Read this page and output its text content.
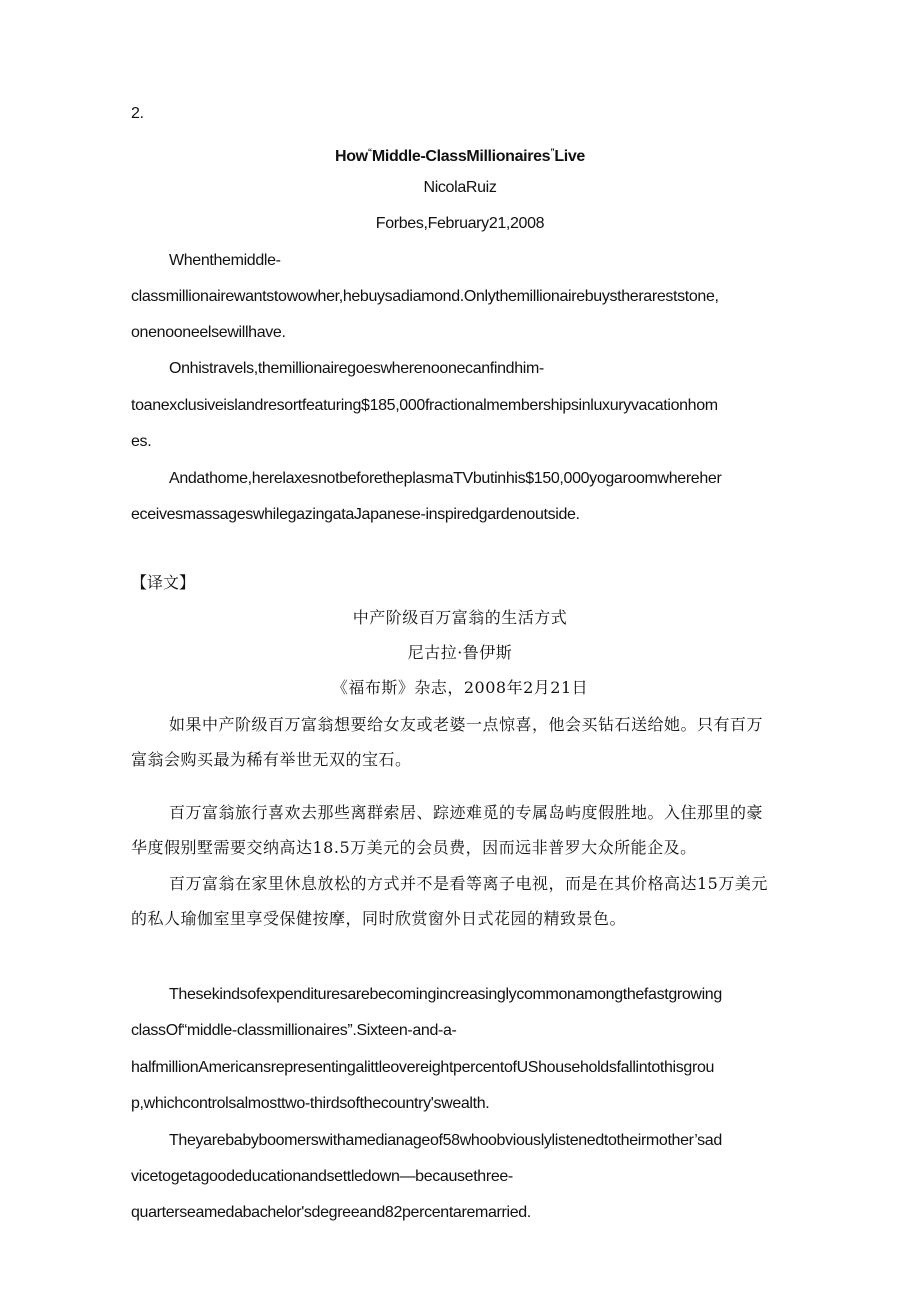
2.
How“Middle-ClassMillionaires”Live
NicolaRuiz
Forbes,February21,2008
Whenthemiddle-
classmillionairewantstowowher,hebuysadiamond.Onlythemillionairebuystherareststone,
onenooneelsewillhave.
Onhistravels,themillionairegoeswherenoonecanfindhim-
toanexclusiveislandresortfeaturing$185,000fractionalmembershipsinluxuryvacationhom
es.
Andathome,herelaxesnotbeforetheplasmaTVbutinhis$150,000yogaroomwhereher
eceivesmassageswhilegazingataJapanese-inspiredgardenoutside.
【译文】
中产阶级百万富翁的生活方式
尼古拉·鲁伊斯
《福布斯》杂志，2008年2月21日
如果中产阶级百万富翁想要给女友或老婆一点惊喜，他会买钻石送给她。只有百万
富翁会购买最为稀有举世无双的宝石。
百万富翁旅行喜欢去那些离群索居、踪迹难觅的专属岛屿度假胜地。入住那里的豪
华度假别墅需要交纳高达18.5万美元的会员费，因而远非普罗大众所能企及。
百万富翁在家里休息放松的方式并不是看等离子电视，而是在其价格高达15万美元
的私人瑜伽室里享受保健按摩，同时欣赏窗外日式花园的精致景色。
Thesekindsofexpendituresarebecomingincreasinglycommonamongthefastgrowing
classOf“middle-classmillionaires”.Sixteen-and-a-
halfmillionAmericansrepresentingalittleovereightpercentofUShouseholdsfallintothisgrou
p,whichcontrolsalmosttwo-thirdsofthecountry'swealth.
Theyarebabyboomerswithamedianageof58whoobviouslylistenedtotheirmother’sad
vicetogetagoodeducationandsettledown—becausethree-
quarterseamedabachelor'sdegreeand82percentaremarried.
